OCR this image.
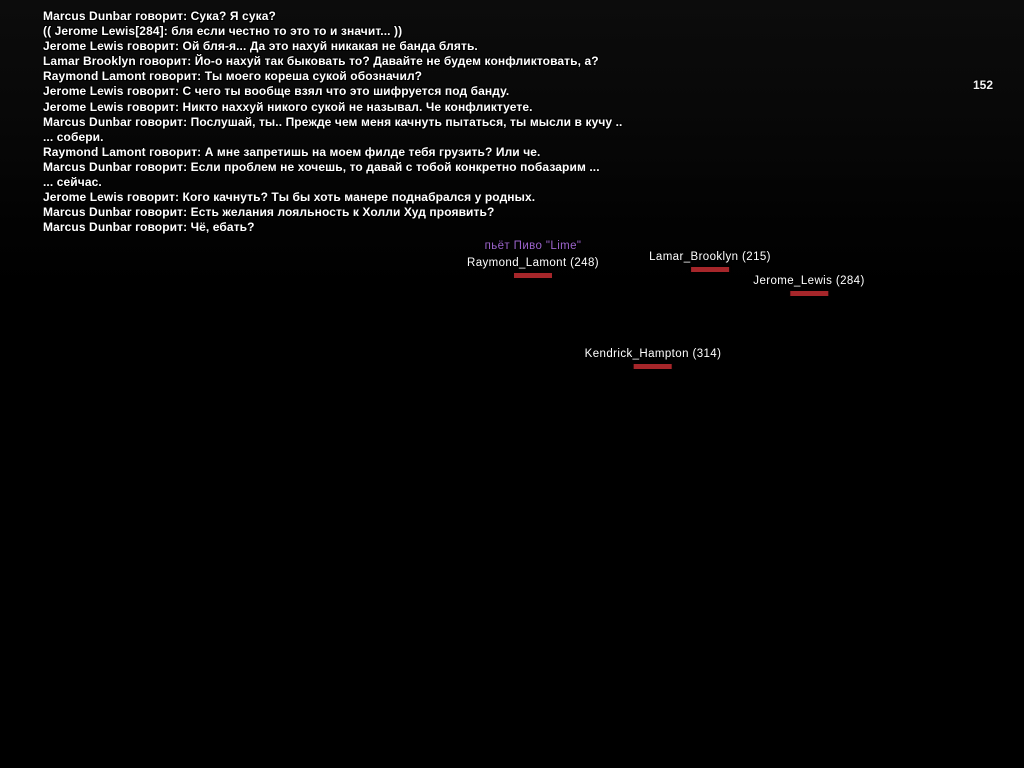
Marcus Dunbar говорит: Сука? Я сука?
(( Jerome Lewis[284]: бля если честно то это то и значит... ))
Jerome Lewis говорит: Ой бля-я... Да это нахуй никакая не банда блять.
Lamar Brooklyn говорит: Йо-о нахуй так быковать то? Давайте не будем конфликтовать, а?
Raymond Lamont говорит: Ты моего кореша сукой обозначил?
Jerome Lewis говорит: С чего ты вообще взял что это шифруется под банду.
Jerome Lewis говорит: Никто наххуй никого сукой не называл. Че конфликтуете.
Marcus Dunbar говорит: Послушай, ты.. Прежде чем меня качнуть пытаться, ты мысли в кучу ..
... собери.
Raymond Lamont говорит: А мне запретишь на моем филде тебя грузить? Или че.
Marcus Dunbar говорит: Если проблем не хочешь, то давай с тобой конкретно побазарим ...
... сейчас.
Jerome Lewis говорит: Кого качнуть? Ты бы хоть манере поднабрался у родных.
Marcus Dunbar говорит: Есть желания лояльность к Холли Худ проявить?
Marcus Dunbar говорит: Чё, ебать?
152
пьёт Пиво "Lime"
Raymond_Lamont (248)	Lamar_Brooklyn (215)
Jerome_Lewis (284)
Kendrick_Hampton (314)
